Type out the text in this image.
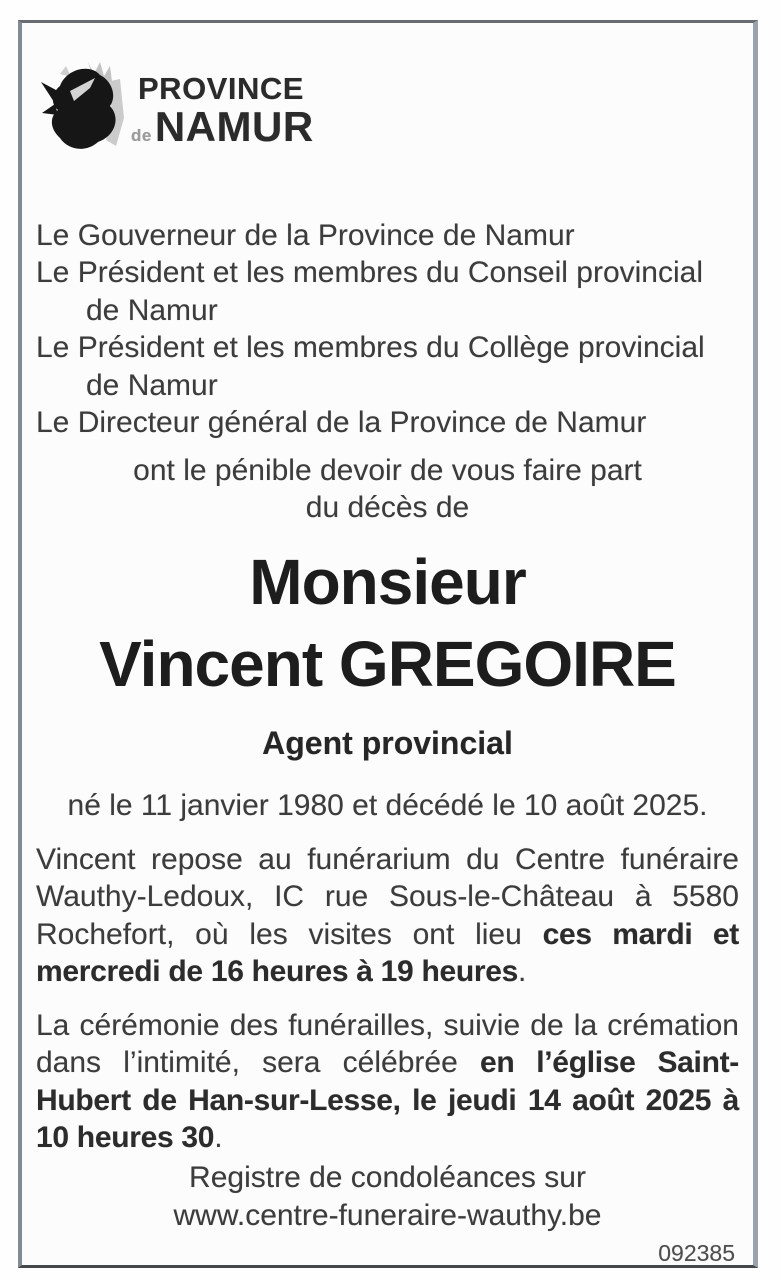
PROVINCE
de NAMUR
Le Gouverneur de la Province de Namur
Le Président et les membres du Conseil provincial
de Namur
Le Président et les membres du Collège provincial
de Namur
Le Directeur général de la Province de Namur
ont le pénible devoir de vous faire part
du décès de
Monsieur
Vincent GREGOIRE
Agent provincial
né le 11 janvier 1980 et décédé le 10 août 2025.

Vincent repose au funérarium du Centre funéraire Wauthy-Ledoux, IC rue Sous-le-Château à 5580 Rochefort, où les visites ont lieu ces mardi et mercredi de 16 heures à 19 heures.

La cérémonie des funérailles, suivie de la crémation dans l’intimité, sera célébrée en l’église Saint-Hubert de Han-sur-Lesse, le jeudi 14 août 2025 à 10 heures 30.

Registre de condoléances sur
www.centre-funeraire-wauthy.be
092385
